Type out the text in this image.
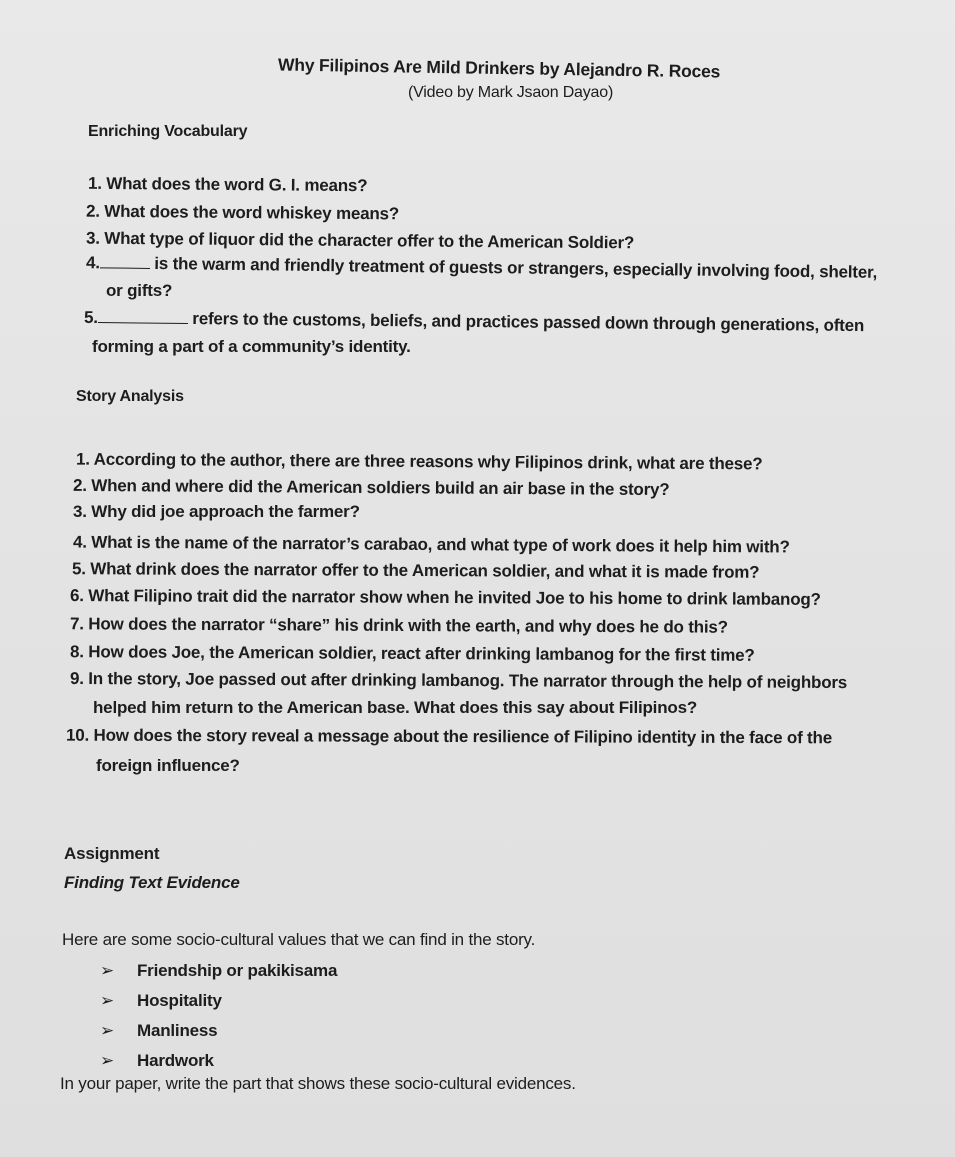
Why Filipinos Are Mild Drinkers by Alejandro R. Roces
(Video by Mark Jsaon Dayao)
Enriching Vocabulary
1. What does the word G. I. means?
2. What does the word whiskey means?
3. What type of liquor did the character offer to the American Soldier?
4.	is the warm and friendly treatment of guests or strangers, especially involving food, shelter,
or gifts?
5.	refers to the customs, beliefs, and practices passed down through generations, often
forming a part of a community’s identity.
Story Analysis
1. According to the author, there are three reasons why Filipinos drink, what are these?
2. When and where did the American soldiers build an air base in the story?
3. Why did joe approach the farmer?
4. What is the name of the narrator’s carabao, and what type of work does it help him with?
5. What drink does the narrator offer to the American soldier, and what it is made from?
6. What Filipino trait did the narrator show when he invited Joe to his home to drink lambanog?
7. How does the narrator “share” his drink with the earth, and why does he do this?
8. How does Joe, the American soldier, react after drinking lambanog for the first time?
9. In the story, Joe passed out after drinking lambanog. The narrator through the help of neighbors
helped him return to the American base. What does this say about Filipinos?
10. How does the story reveal a message about the resilience of Filipino identity in the face of the
foreign influence?
Assignment
Finding Text Evidence
Here are some socio-cultural values that we can find in the story.
➢ Friendship or pakikisama
➢ Hospitality
➢ Manliness
➢ Hardwork
In your paper, write the part that shows these socio-cultural evidences.
